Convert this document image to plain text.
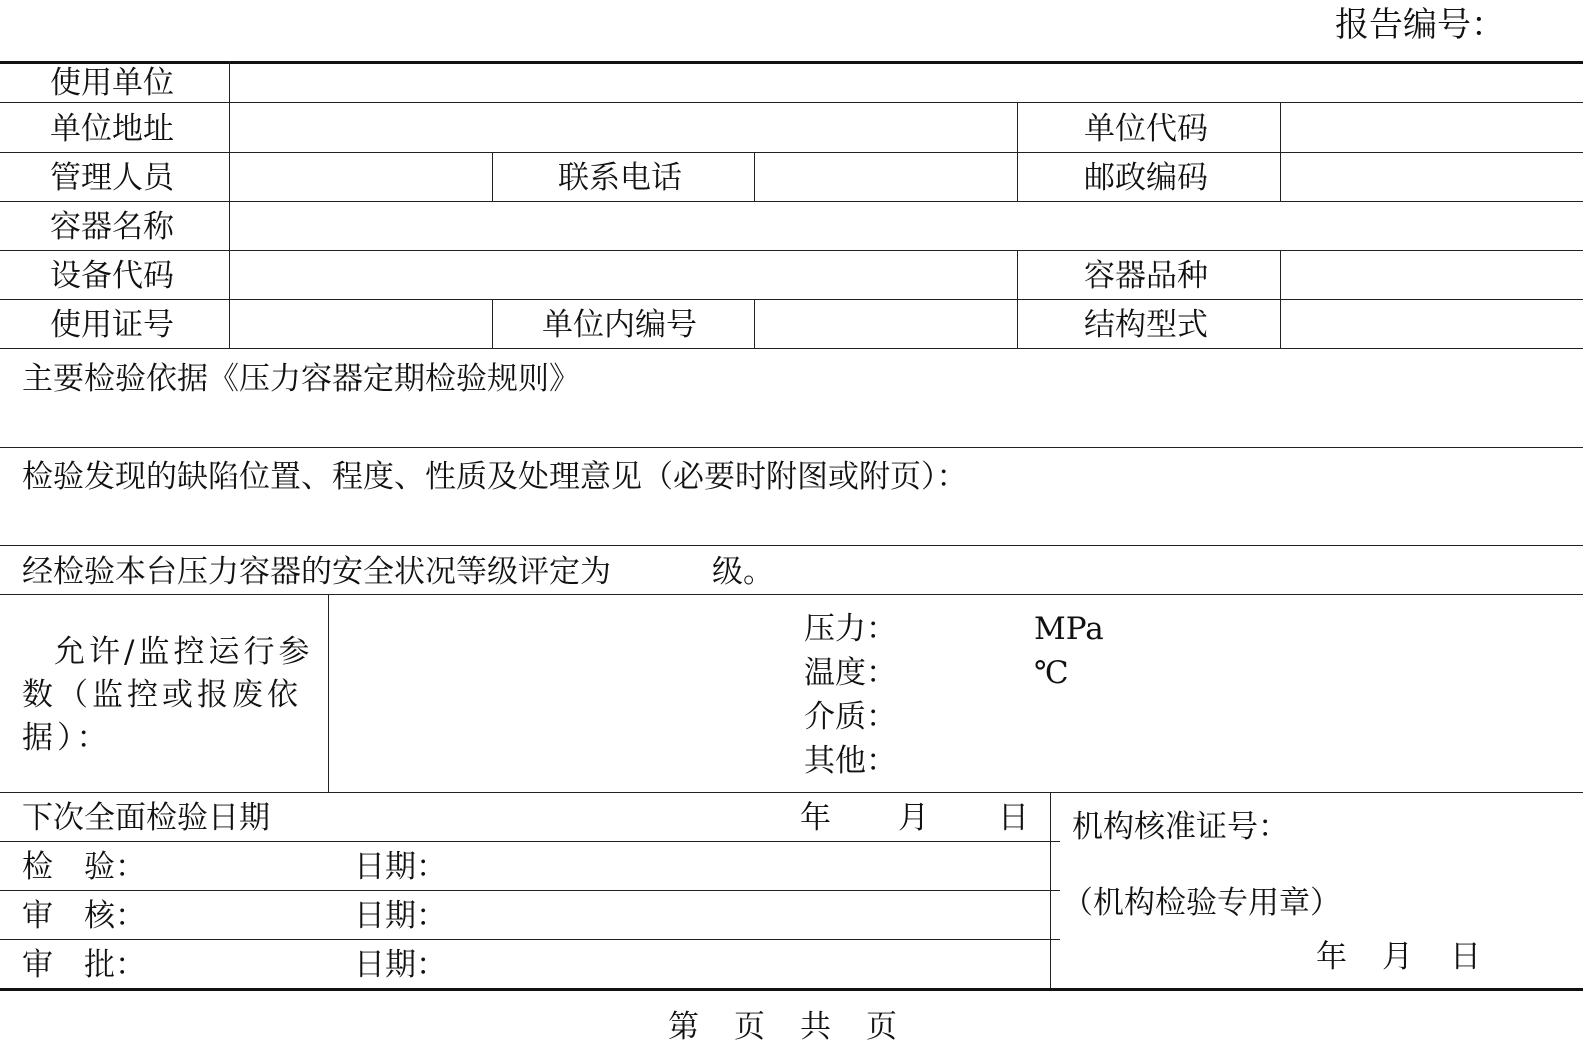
报告编号：
使用单位
单位地址	单位代码
管理人员	联系电话	邮政编码
容器名称
设备代码	容器品种
使用证号	单位内编号	结构型式
主要检验依据《压力容器定期检验规则》
检验发现的缺陷位置、程度、性质及处理意见（必要时附图或附页）：
经检验本台压力容器的安全状况等级评定为	级。
允许/监控运行参
数（监控或报废依
据）：
压力：	MPa
温度：	℃
介质：
其他：
下次全面检验日期	年 月 日
检　验：	日期：
审　核：	日期：
审　批：	日期：
机构核准证号：
（机构检验专用章）
年 月 日
第　页　共　页
